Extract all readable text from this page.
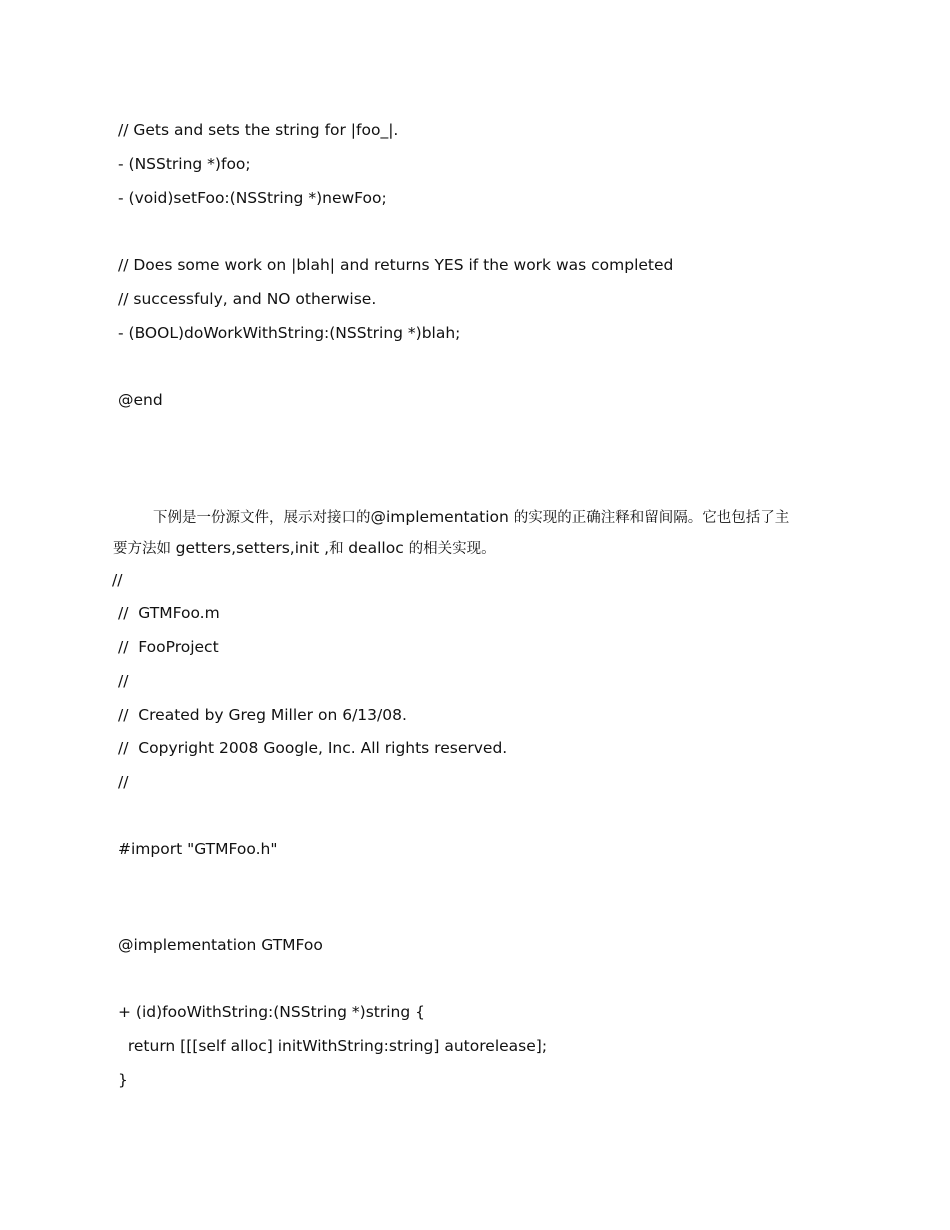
// Gets and sets the string for |foo_|.
- (NSString *)foo;
- (void)setFoo:(NSString *)newFoo;
// Does some work on |blah| and returns YES if the work was completed
// successfuly, and NO otherwise.
- (BOOL)doWorkWithString:(NSString *)blah;
@end
下例是一份源文件，展示对接口的@implementation 的实现的正确注释和留间隔。它也包括了主
要方法如 getters,setters,init ,和 dealloc 的相关实现。
//
//  GTMFoo.m
//  FooProject
//
//  Created by Greg Miller on 6/13/08.
//  Copyright 2008 Google, Inc. All rights reserved.
//
#import "GTMFoo.h"
@implementation GTMFoo
+ (id)fooWithString:(NSString *)string {
return [[[self alloc] initWithString:string] autorelease];
}
